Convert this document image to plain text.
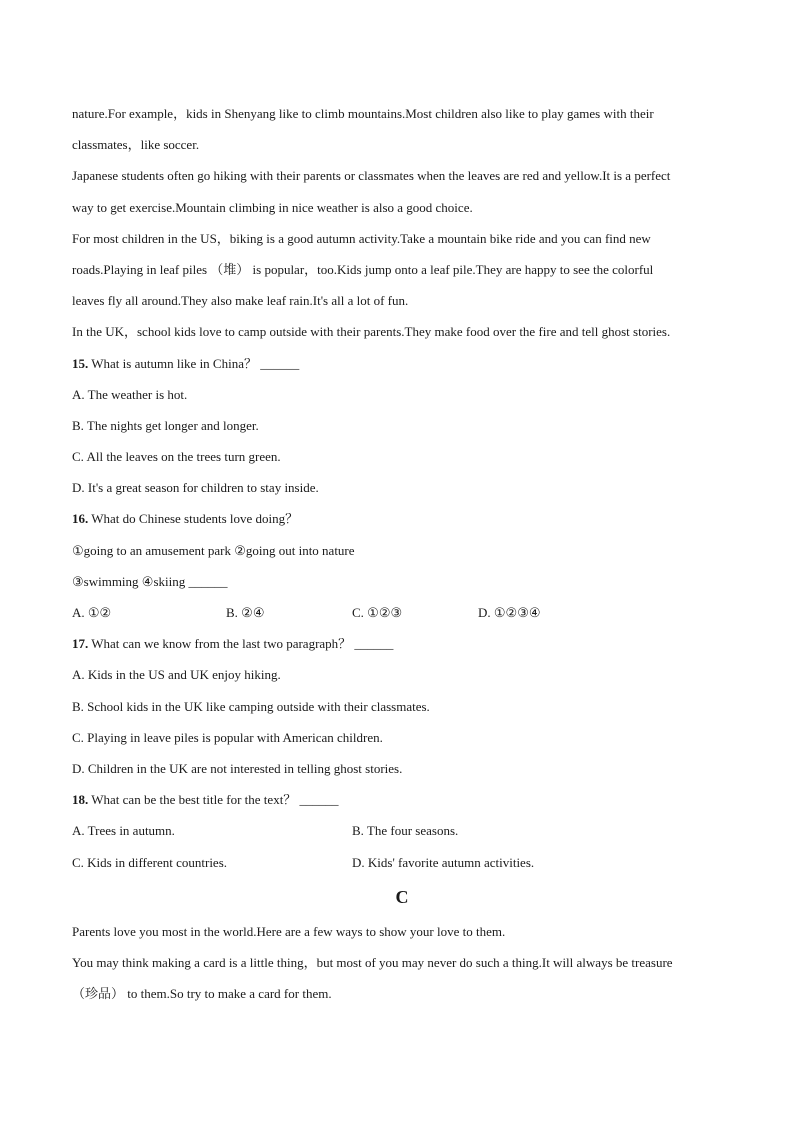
nature.For example，kids in Shenyang like to climb mountains.Most children also like to play games with their
classmates，like soccer.
Japanese students often go hiking with their parents or classmates when the leaves are red and yellow.It is a perfect
way to get exercise.Mountain climbing in nice weather is also a good choice.
For most children in the US，biking is a good autumn activity.Take a mountain bike ride and you can find new
roads.Playing in leaf piles （堆） is popular，too.Kids jump onto a leaf pile.They are happy to see the colorful
leaves fly all around.They also make leaf rain.It's all a lot of fun.
In the UK，school kids love to camp outside with their parents.They make food over the fire and tell ghost stories.
15. What is autumn like in China？ ______
A. The weather is hot.
B. The nights get longer and longer.
C. All the leaves on the trees turn green.
D. It's a great season for children to stay inside.
16. What do Chinese students love doing？
①going to an amusement park ②going out into nature
③swimming ④skiing ______
A. ①②	B. ②④	C. ①②③	D. ①②③④
17. What can we know from the last two paragraph？ ______
A. Kids in the US and UK enjoy hiking.
B. School kids in the UK like camping outside with their classmates.
C. Playing in leave piles is popular with American children.
D. Children in the UK are not interested in telling ghost stories.
18. What can be the best title for the text？ ______
A. Trees in autumn.	B. The four seasons.
C. Kids in different countries.	D. Kids' favorite autumn activities.
C
Parents love you most in the world.Here are a few ways to show your love to them.
You may think making a card is a little thing，but most of you may never do such a thing.It will always be treasure
（珍品） to them.So try to make a card for them.
